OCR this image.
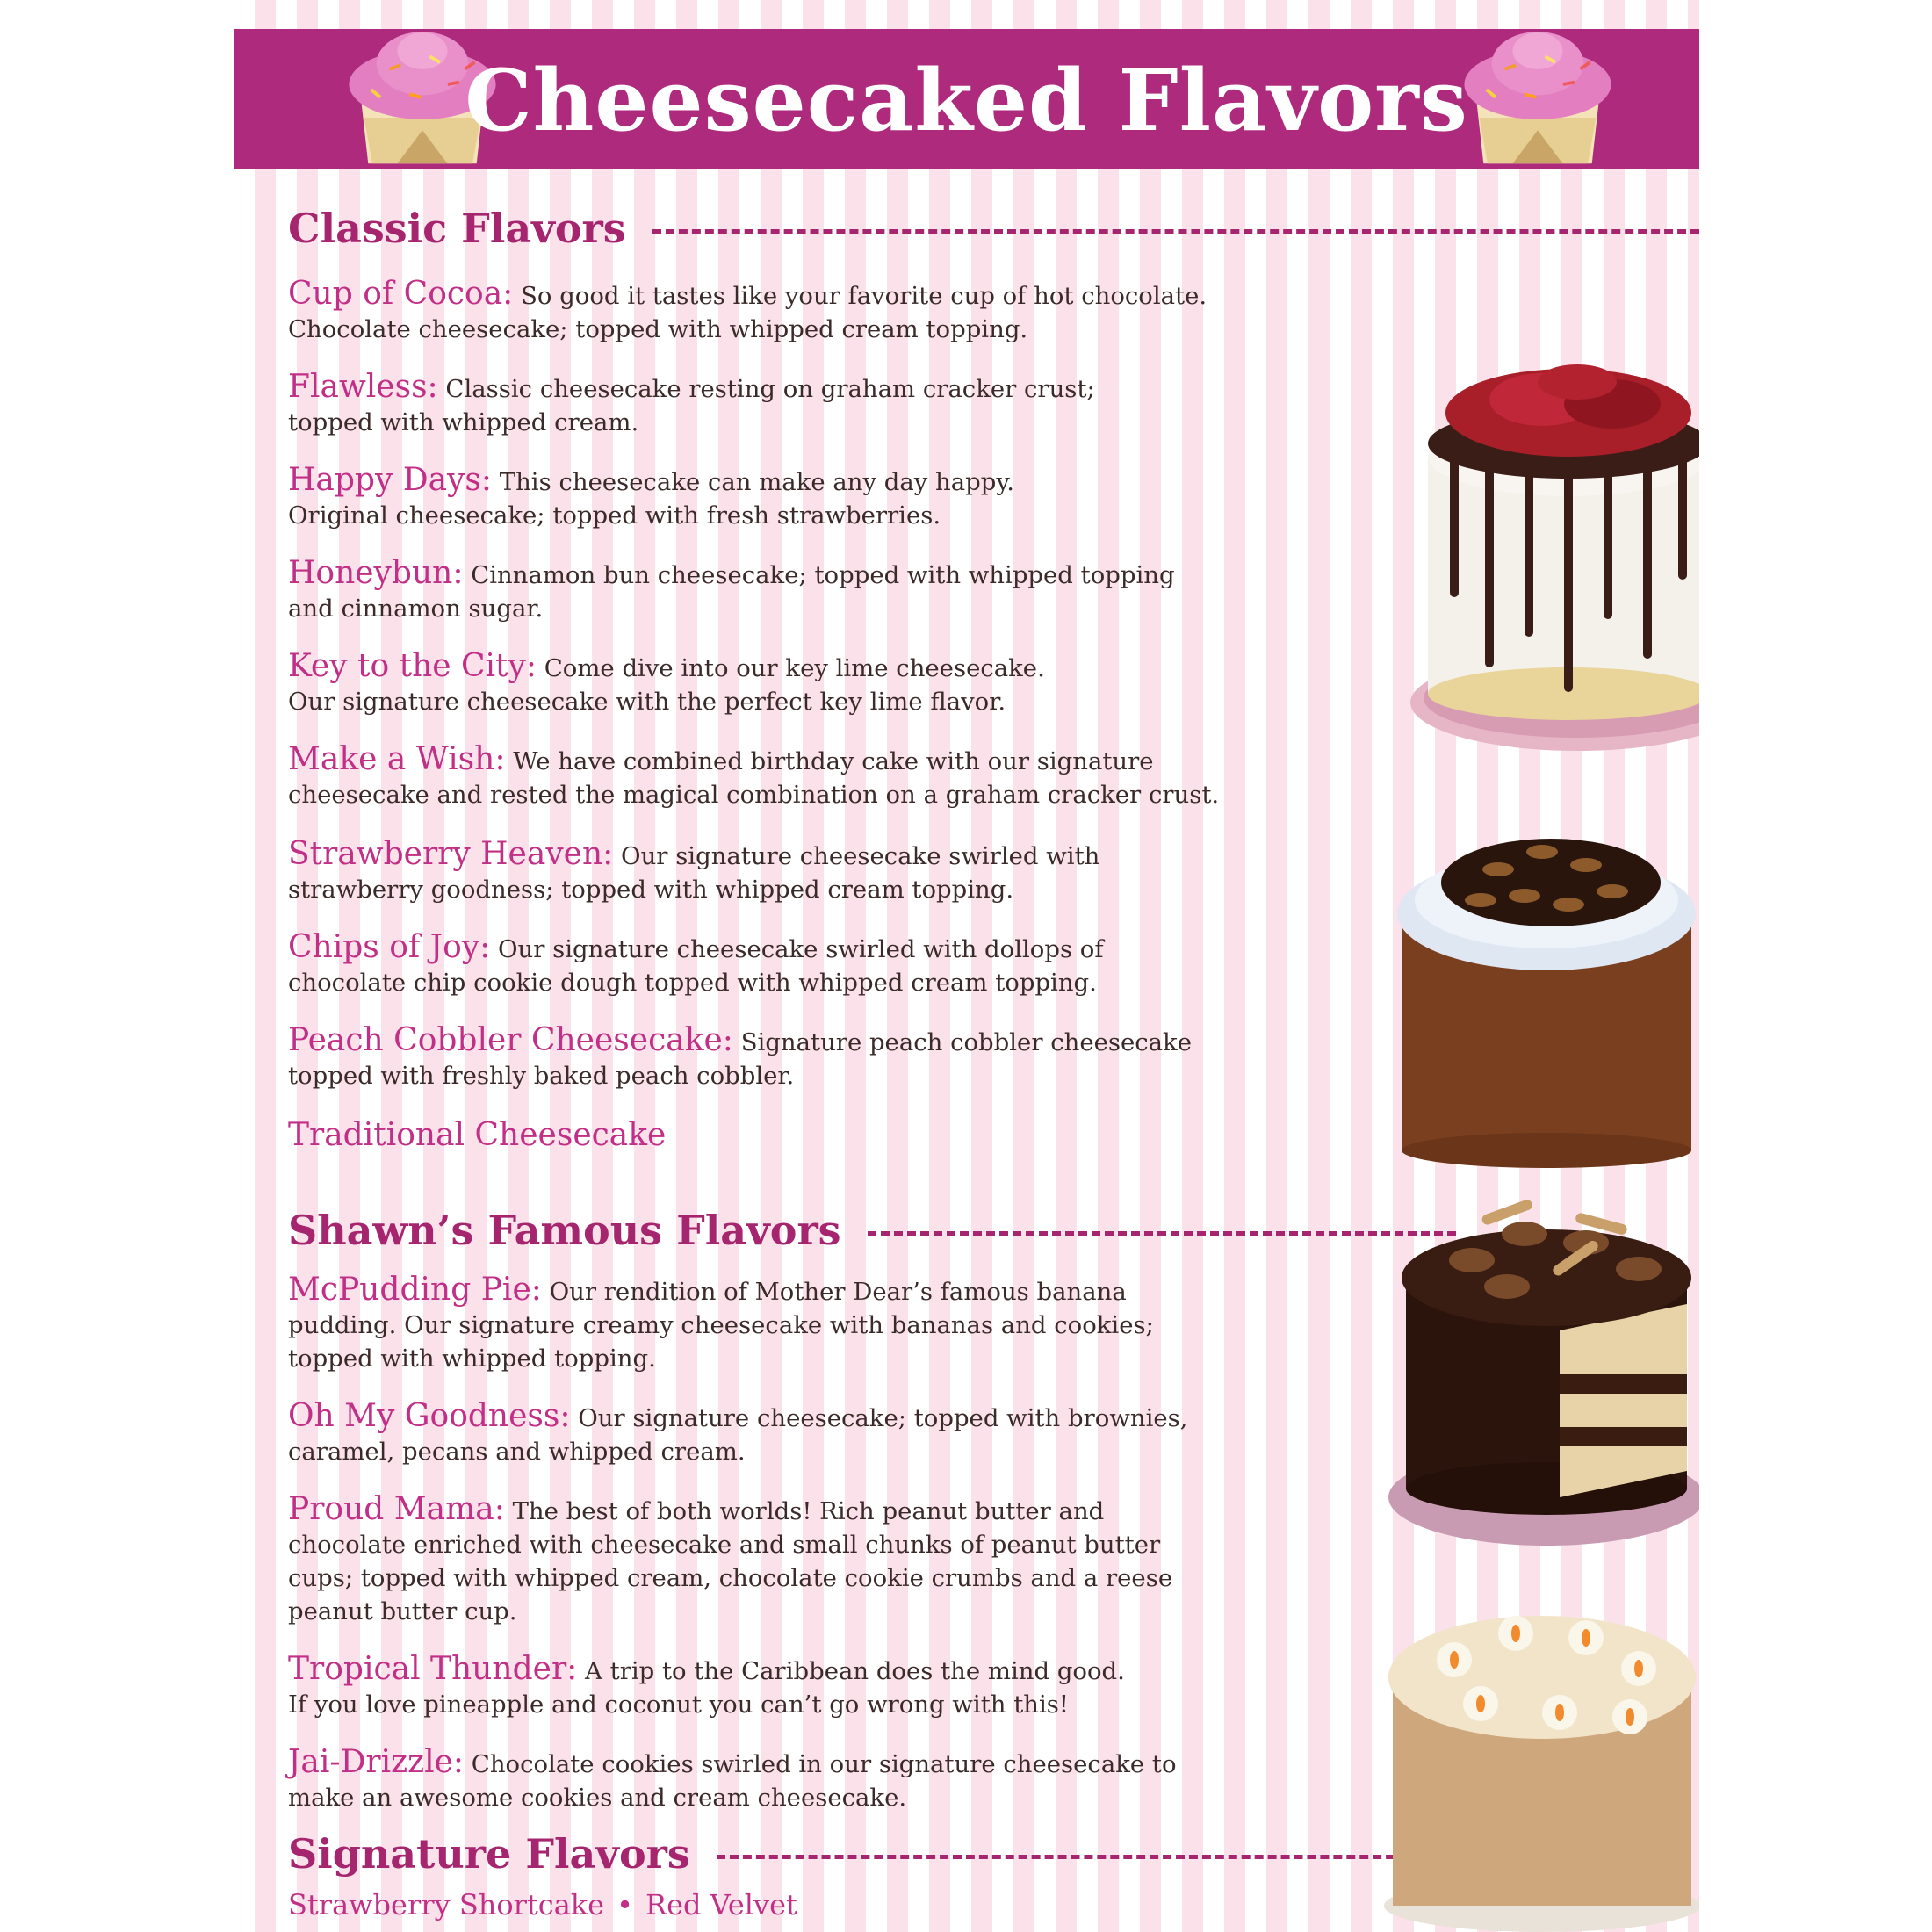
Cheesecaked Flavors
Classic Flavors
Cup of Cocoa: So good it tastes like your favorite cup of hot chocolate.
Chocolate cheesecake; topped with whipped cream topping.
Flawless: Classic cheesecake resting on graham cracker crust;
topped with whipped cream.
Happy Days: This cheesecake can make any day happy.
Original cheesecake; topped with fresh strawberries.
Honeybun: Cinnamon bun cheesecake; topped with whipped topping
and cinnamon sugar.
Key to the City: Come dive into our key lime cheesecake.
Our signature cheesecake with the perfect key lime flavor.
Make a Wish: We have combined birthday cake with our signature
cheesecake and rested the magical combination on a graham cracker crust.
Strawberry Heaven: Our signature cheesecake swirled with
strawberry goodness; topped with whipped cream topping.
Chips of Joy: Our signature cheesecake swirled with dollops of
chocolate chip cookie dough topped with whipped cream topping.
Peach Cobbler Cheesecake: Signature peach cobbler cheesecake
topped with freshly baked peach cobbler.
Traditional Cheesecake
Shawn’s Famous Flavors
McPudding Pie: Our rendition of Mother Dear’s famous banana
pudding. Our signature creamy cheesecake with bananas and cookies;
topped with whipped topping.
Oh My Goodness: Our signature cheesecake; topped with brownies,
caramel, pecans and whipped cream.
Proud Mama: The best of both worlds! Rich peanut butter and
chocolate enriched with cheesecake and small chunks of peanut butter
cups; topped with whipped cream, chocolate cookie crumbs and a reese
peanut butter cup.
Tropical Thunder: A trip to the Caribbean does the mind good.
If you love pineapple and coconut you can’t go wrong with this!
Jai-Drizzle: Chocolate cookies swirled in our signature cheesecake to
make an awesome cookies and cream cheesecake.
Signature Flavors
Strawberry Shortcake • Red Velvet
